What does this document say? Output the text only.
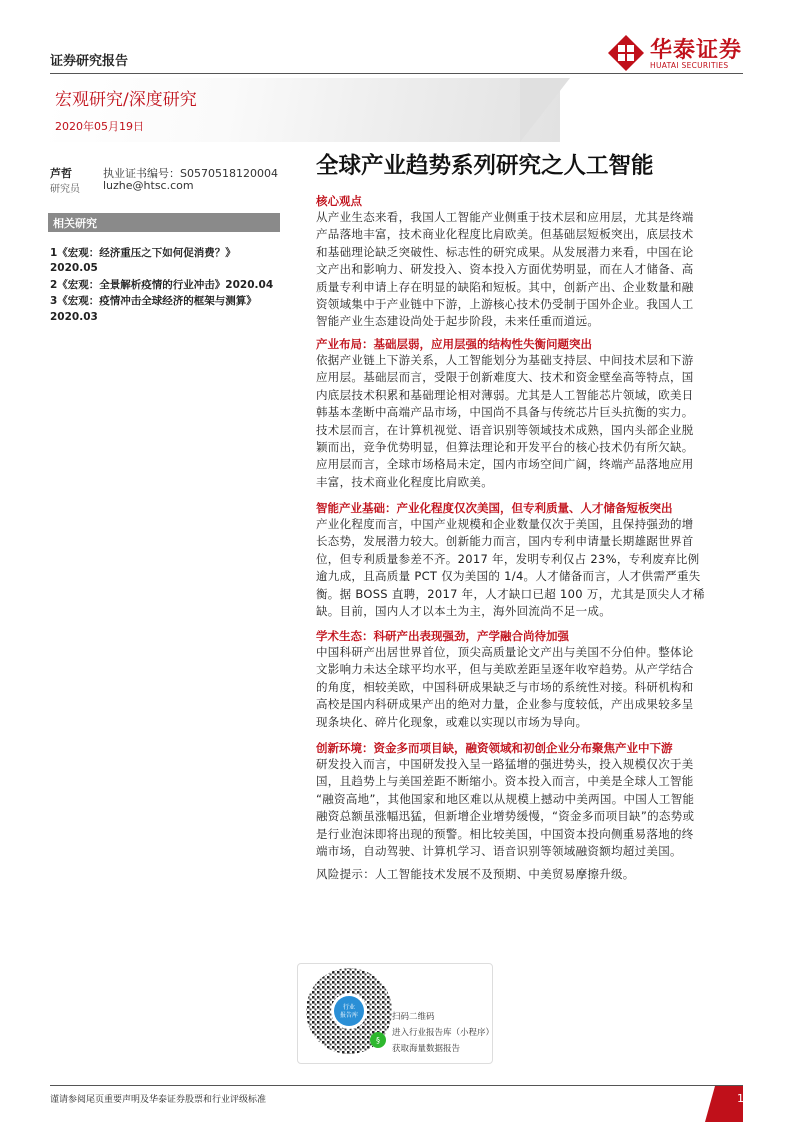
证券研究报告
宏观研究/深度研究
2020年05月19日
华泰证券
HUATAI SECURITIES
芦哲	执业证书编号：S0570518120004
研究员 luzhe@htsc.com
全球产业趋势系列研究之人工智能
相关研究
1《宏观：经济重压之下如何促消费？》
2020.05
2《宏观：全景解析疫情的行业冲击》2020.04
3《宏观：疫情冲击全球经济的框架与测算》
2020.03
核心观点
从产业生态来看，我国人工智能产业侧重于技术层和应用层，尤其是终端
产品落地丰富，技术商业化程度比肩欧美。但基础层短板突出，底层技术
和基础理论缺乏突破性、标志性的研究成果。从发展潜力来看，中国在论
文产出和影响力、研发投入、资本投入方面优势明显，而在人才储备、高
质量专利申请上存在明显的缺陷和短板。其中，创新产出、企业数量和融
资领域集中于产业链中下游，上游核心技术仍受制于国外企业。我国人工
智能产业生态建设尚处于起步阶段，未来任重而道远。
产业布局：基础层弱，应用层强的结构性失衡问题突出
依据产业链上下游关系，人工智能划分为基础支持层、中间技术层和下游
应用层。基础层而言，受限于创新难度大、技术和资金壁垒高等特点，国
内底层技术积累和基础理论相对薄弱。尤其是人工智能芯片领域，欧美日
韩基本垄断中高端产品市场，中国尚不具备与传统芯片巨头抗衡的实力。
技术层而言，在计算机视觉、语音识别等领域技术成熟，国内头部企业脱
颖而出，竞争优势明显，但算法理论和开发平台的核心技术仍有所欠缺。
应用层而言，全球市场格局未定，国内市场空间广阔，终端产品落地应用
丰富，技术商业化程度比肩欧美。
智能产业基础：产业化程度仅次美国，但专利质量、人才储备短板突出
产业化程度而言，中国产业规模和企业数量仅次于美国，且保持强劲的增
长态势，发展潜力较大。创新能力而言，国内专利申请量长期雄踞世界首
位，但专利质量参差不齐。2017 年，发明专利仅占 23%，专利废弃比例
逾九成，且高质量 PCT 仅为美国的 1/4。人才储备而言，人才供需严重失
衡。据 BOSS 直聘，2017 年，人才缺口已超 100 万，尤其是顶尖人才稀
缺。目前，国内人才以本土为主，海外回流尚不足一成。
学术生态：科研产出表现强劲，产学融合尚待加强
中国科研产出居世界首位，顶尖高质量论文产出与美国不分伯仲。整体论
文影响力未达全球平均水平，但与美欧差距呈逐年收窄趋势。从产学结合
的角度，相较美欧，中国科研成果缺乏与市场的系统性对接。科研机构和
高校是国内科研成果产出的绝对力量，企业参与度较低，产出成果较多呈
现条块化、碎片化现象，或难以实现以市场为导向。
创新环境：资金多而项目缺，融资领域和初创企业分布聚焦产业中下游
研发投入而言，中国研发投入呈一路猛增的强进势头，投入规模仅次于美
国，且趋势上与美国差距不断缩小。资本投入而言，中美是全球人工智能
“融资高地”，其他国家和地区难以从规模上撼动中美两国。中国人工智能
融资总额虽涨幅迅猛，但新增企业增势缓慢，“资金多而项目缺”的态势或
是行业泡沫即将出现的预警。相比较美国，中国资本投向侧重易落地的终
端市场，自动驾驶、计算机学习、语音识别等领域融资额均超过美国。
风险提示：人工智能技术发展不及预期、中美贸易摩擦升级。
行业
报告库
§
扫码二维码
进入行业报告库（小程序）
获取海量数据报告
谨请参阅尾页重要声明及华泰证券股票和行业评级标准	1
